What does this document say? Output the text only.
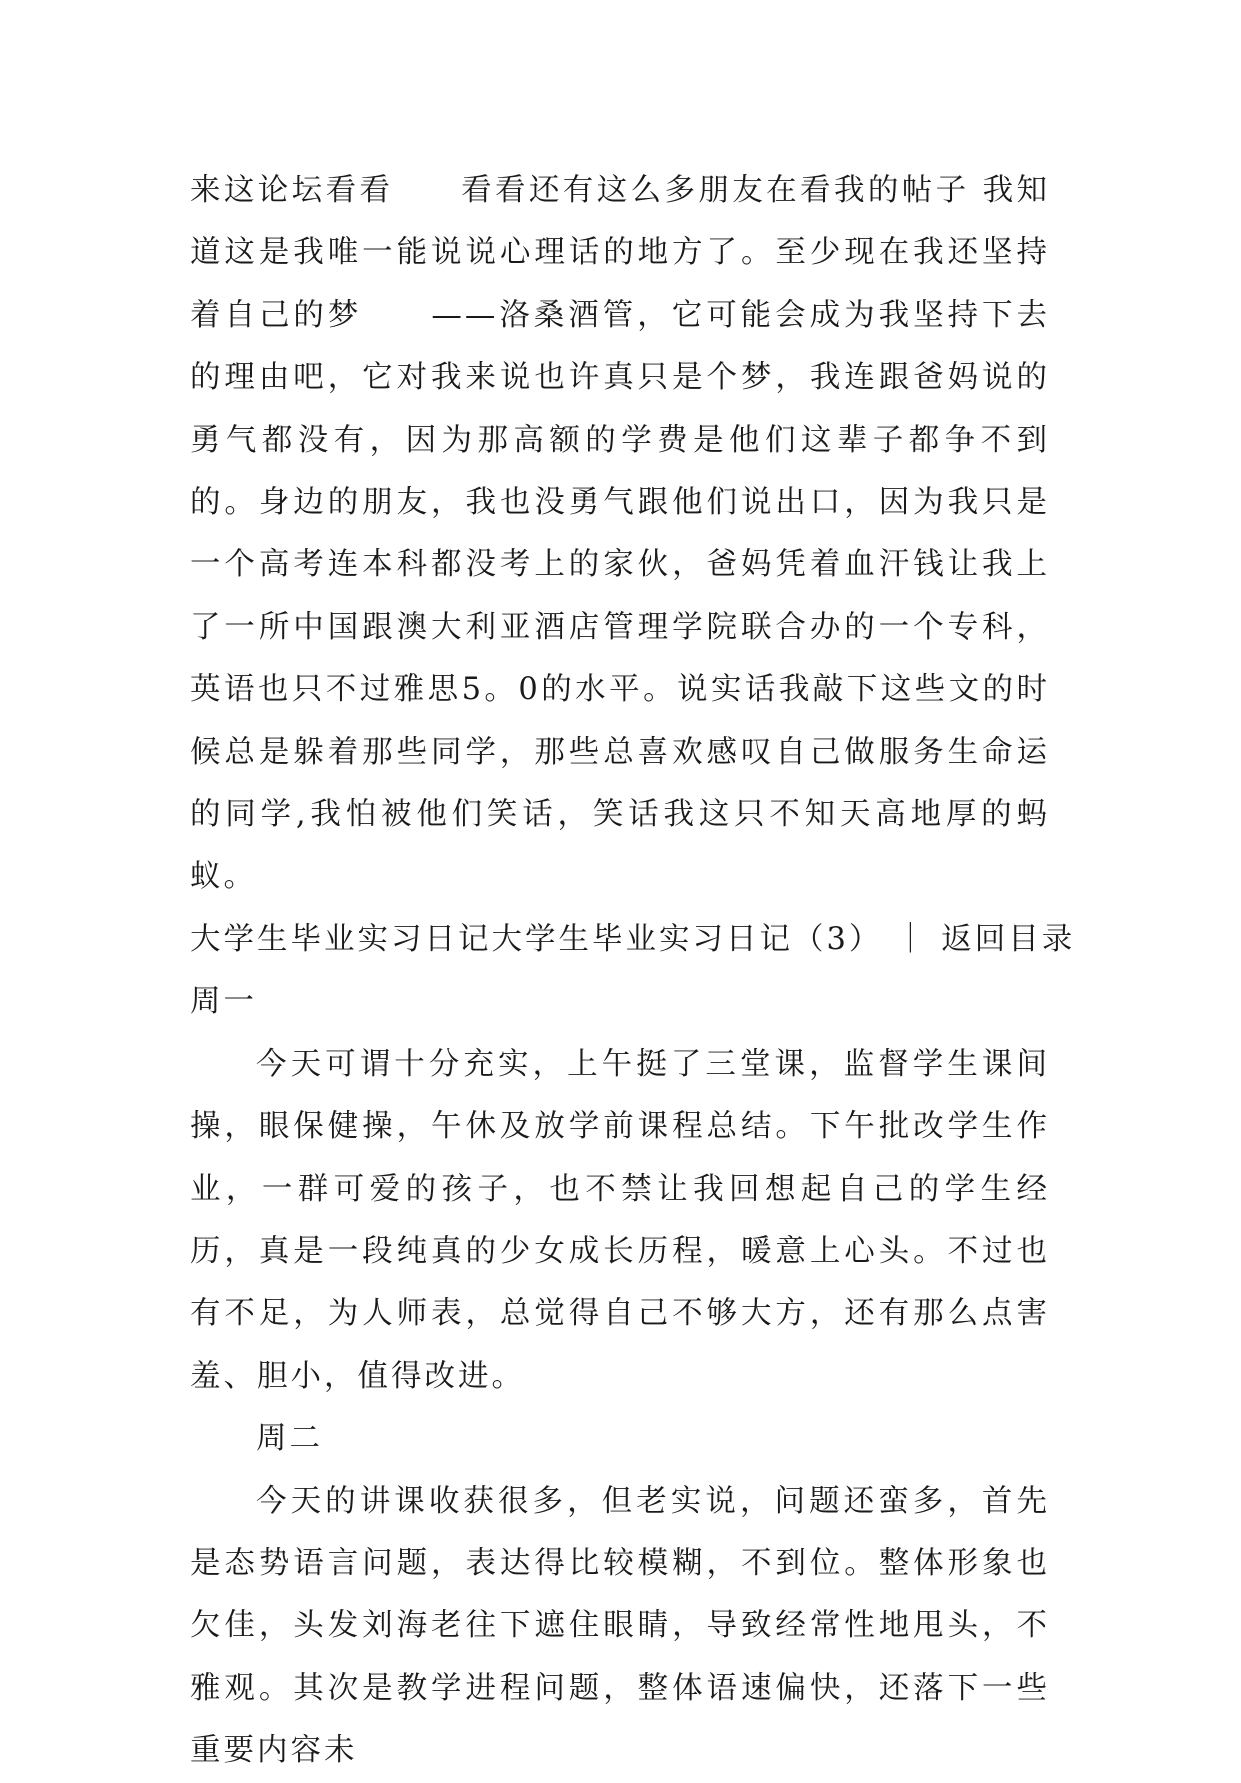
来这论坛看看　　看看还有这么多朋友在看我的帖子 我知道这是我唯一能说说心理话的地方了。至少现在我还坚持着自己的梦　　——洛桑酒管，它可能会成为我坚持下去的理由吧，它对我来说也许真只是个梦，我连跟爸妈说的勇气都没有，因为那高额的学费是他们这辈子都争不到的。身边的朋友，我也没勇气跟他们说出口，因为我只是一个高考连本科都没考上的家伙，爸妈凭着血汗钱让我上了一所中国跟澳大利亚酒店管理学院联合办的一个专科，英语也只不过雅思5。0的水平。说实话我敲下这些文的时候总是躲着那些同学，那些总喜欢感叹自己做服务生命运的同学,我怕被他们笑话，笑话我这只不知天高地厚的蚂蚁。

大学生毕业实习日记大学生毕业实习日记（3） ｜ 返回目录

周一

今天可谓十分充实，上午挺了三堂课，监督学生课间操，眼保健操，午休及放学前课程总结。下午批改学生作业，一群可爱的孩子，也不禁让我回想起自己的学生经历，真是一段纯真的少女成长历程，暖意上心头。不过也有不足，为人师表，总觉得自己不够大方，还有那么点害羞、胆小，值得改进。

周二

今天的讲课收获很多，但老实说，问题还蛮多，首先是态势语言问题，表达得比较模糊，不到位。整体形象也欠佳，头发刘海老往下遮住眼睛，导致经常性地甩头，不雅观。其次是教学进程问题，整体语速偏快，还落下一些重要内容未
